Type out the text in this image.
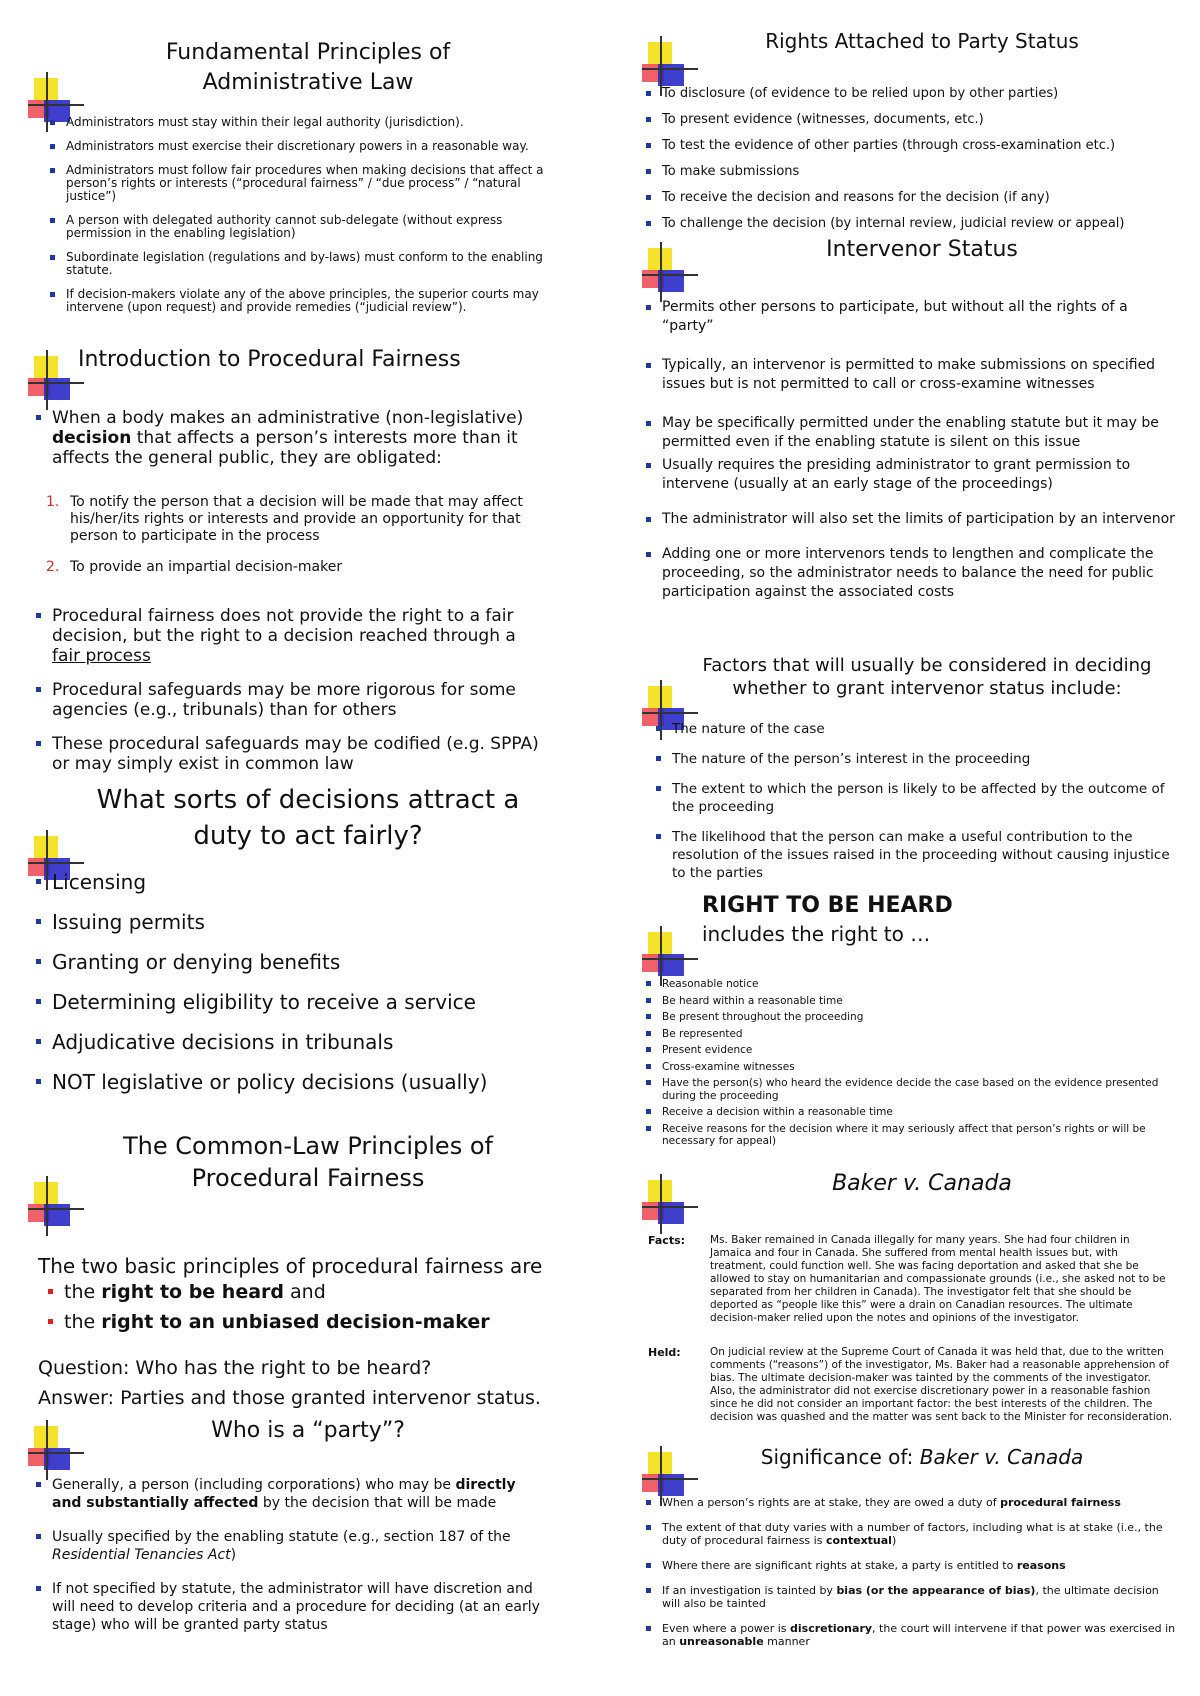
Fundamental Principles of
Administrative Law
Administrators must stay within their legal authority (jurisdiction).
Administrators must exercise their discretionary powers in a reasonable way.
Administrators must follow fair procedures when making decisions that affect a person’s rights or interests (“procedural fairness” / “due process” / “natural justice”)
A person with delegated authority cannot sub-delegate (without express permission in the enabling legislation)
Subordinate legislation (regulations and by-laws) must conform to the enabling statute.
If decision-makers violate any of the above principles, the superior courts may intervene (upon request) and provide remedies (“judicial review”).
Introduction to Procedural Fairness
When a body makes an administrative (non-legislative) decision that affects a person’s interests more than it affects the general public, they are obligated:
1. To notify the person that a decision will be made that may affect his/her/its rights or interests and provide an opportunity for that person to participate in the process
2. To provide an impartial decision-maker
Procedural fairness does not provide the right to a fair decision, but the right to a decision reached through a fair process
Procedural safeguards may be more rigorous for some agencies (e.g., tribunals) than for others
These procedural safeguards may be codified (e.g. SPPA) or may simply exist in common law
What sorts of decisions attract a
duty to act fairly?
Licensing
Issuing permits
Granting or denying benefits
Determining eligibility to receive a service
Adjudicative decisions in tribunals
NOT legislative or policy decisions (usually)
The Common-Law Principles of
Procedural Fairness
The two basic principles of procedural fairness are
the right to be heard and
the right to an unbiased decision-maker
Question: Who has the right to be heard?
Answer: Parties and those granted intervenor status.
Who is a “party”?
Generally, a person (including corporations) who may be directly and substantially affected by the decision that will be made
Usually specified by the enabling statute (e.g., section 187 of the Residential Tenancies Act)
If not specified by statute, the administrator will have discretion and will need to develop criteria and a procedure for deciding (at an early stage) who will be granted party status
Rights Attached to Party Status
To disclosure (of evidence to be relied upon by other parties)
To present evidence (witnesses, documents, etc.)
To test the evidence of other parties (through cross-examination etc.)
To make submissions
To receive the decision and reasons for the decision (if any)
To challenge the decision (by internal review, judicial review or appeal)
Intervenor Status
Permits other persons to participate, but without all the rights of a “party”
Typically, an intervenor is permitted to make submissions on specified issues but is not permitted to call or cross-examine witnesses
May be specifically permitted under the enabling statute but it may be permitted even if the enabling statute is silent on this issue
Usually requires the presiding administrator to grant permission to intervene (usually at an early stage of the proceedings)
The administrator will also set the limits of participation by an intervenor
Adding one or more intervenors tends to lengthen and complicate the proceeding, so the administrator needs to balance the need for public participation against the associated costs
Factors that will usually be considered in deciding
whether to grant intervenor status include:
The nature of the case
The nature of the person’s interest in the proceeding
The extent to which the person is likely to be affected by the outcome of the proceeding
The likelihood that the person can make a useful contribution to the resolution of the issues raised in the proceeding without causing injustice to the parties
RIGHT TO BE HEARD
includes the right to …
Reasonable notice
Be heard within a reasonable time
Be present throughout the proceeding
Be represented
Present evidence
Cross-examine witnesses
Have the person(s) who heard the evidence decide the case based on the evidence presented during the proceeding
Receive a decision within a reasonable time
Receive reasons for the decision where it may seriously affect that person’s rights or will be necessary for appeal)
Baker v. Canada
Facts: Ms. Baker remained in Canada illegally for many years. She had four children in Jamaica and four in Canada. She suffered from mental health issues but, with treatment, could function well. She was facing deportation and asked that she be allowed to stay on humanitarian and compassionate grounds (i.e., she asked not to be separated from her children in Canada). The investigator felt that she should be deported as “people like this” were a drain on Canadian resources. The ultimate decision-maker relied upon the notes and opinions of the investigator.
Held:	On judicial review at the Supreme Court of Canada it was held that, due to the written comments (“reasons”) of the investigator, Ms. Baker had a reasonable apprehension of bias. The ultimate decision-maker was tainted by the comments of the investigator. Also, the administrator did not exercise discretionary power in a reasonable fashion since he did not consider an important factor: the best interests of the children. The decision was quashed and the matter was sent back to the Minister for reconsideration.
Significance of: Baker v. Canada
When a person’s rights are at stake, they are owed a duty of procedural fairness
The extent of that duty varies with a number of factors, including what is at stake (i.e., the duty of procedural fairness is contextual)
Where there are significant rights at stake, a party is entitled to reasons
If an investigation is tainted by bias (or the appearance of bias), the ultimate decision will also be tainted
Even where a power is discretionary, the court will intervene if that power was exercised in an unreasonable manner
